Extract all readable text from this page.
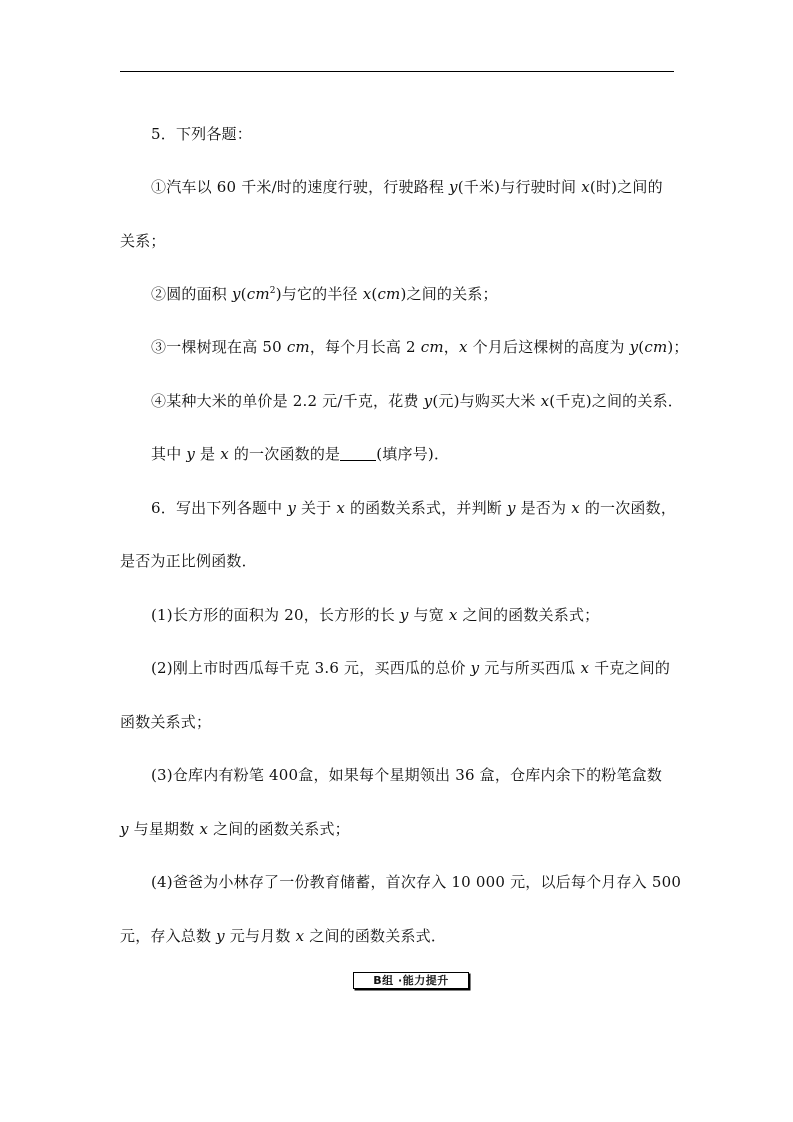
5．下列各题：
①汽车以 60 千米/时的速度行驶，行驶路程 y(千米)与行驶时间 x(时)之间的
关系；
②圆的面积 $y(cm^2)$与它的半径 x(cm)之间的关系；
③一棵树现在高 50 cm，每个月长高 2 cm，x 个月后这棵树的高度为 y(cm)；
④某种大米的单价是 2.2 元/千克，花费 y(元)与购买大米 x(千克)之间的关系．
其中 y 是 x 的一次函数的是 (填序号)．
6．写出下列各题中 y 关于 x 的函数关系式，并判断 y 是否为 x 的一次函数，
是否为正比例函数．
(1)长方形的面积为 20，长方形的长 y 与宽 x 之间的函数关系式；
(2)刚上市时西瓜每千克 3.6 元，买西瓜的总价 y 元与所买西瓜 x 千克之间的
函数关系式；
(3)仓库内有粉笔 400盒，如果每个星期领出 36 盒，仓库内余下的粉笔盒数
y 与星期数 x 之间的函数关系式；
(4)爸爸为小林存了一份教育储蓄，首次存入 10 000 元，以后每个月存入 500
元，存入总数 y 元与月数 x 之间的函数关系式．
B组 ·能力提升
